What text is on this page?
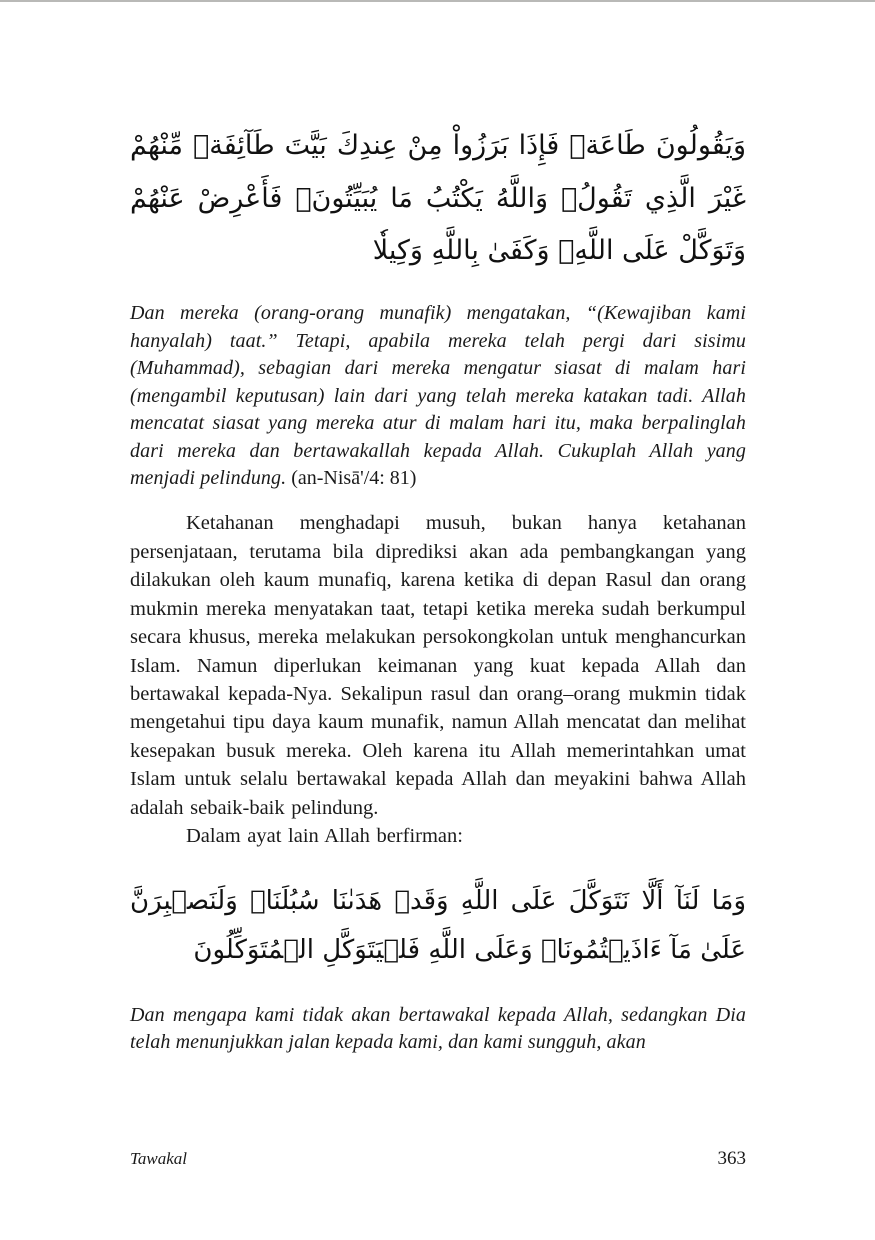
وَيَقُولُونَ طَاعَةٞ فَإِذَا بَرَزُواْ مِنْ عِندِكَ بَيَّتَ طَآئِفَةٞ مِّنْهُمْ غَيْرَ الَّذِي تَقُولُۖ وَاللَّهُ يَكْتُبُ مَا يُبَيِّتُونَۖ فَأَعْرِضْ عَنْهُمْ وَتَوَكَّلْ عَلَى اللَّهِۚ وَكَفَىٰ بِاللَّهِ وَكِيلٗا

Dan mereka (orang-orang munafik) mengatakan, “(Kewajiban kami hanyalah) taat.” Tetapi, apabila mereka telah pergi dari sisimu (Muhammad), sebagian dari mereka mengatur siasat di malam hari (mengambil keputusan) lain dari yang telah mereka katakan tadi. Allah mencatat siasat yang mereka atur di malam hari itu, maka berpalinglah dari mereka dan bertawakallah kepada Allah. Cukuplah Allah yang menjadi pelindung. (an-Nisā'/4: 81)

Ketahanan menghadapi musuh, bukan hanya ketahanan persenjataan, terutama bila diprediksi akan ada pembangkangan yang dilakukan oleh kaum munafiq, karena ketika di depan Rasul dan orang mukmin mereka menyatakan taat, tetapi ketika mereka sudah berkumpul secara khusus, mereka melakukan persokongkolan untuk menghancurkan Islam. Namun diperlukan keimanan yang kuat kepada Allah dan bertawakal kepada-Nya. Sekalipun rasul dan orang–orang mukmin tidak mengetahui tipu daya kaum munafik, namun Allah mencatat dan melihat kesepakan busuk mereka. Oleh karena itu Allah memerintahkan umat Islam untuk selalu bertawakal kepada Allah dan meyakini bahwa Allah adalah sebaik-baik pelindung.

Dalam ayat lain Allah berfirman:

وَمَا لَنَآ أَلَّا نَتَوَكَّلَ عَلَى اللَّهِ وَقَدۡ هَدَىٰنَا سُبُلَنَاۚ وَلَنَصۡبِرَنَّ عَلَىٰ مَآ ءَاذَيۡتُمُونَاۚ وَعَلَى اللَّهِ فَلۡيَتَوَكَّلِ الۡمُتَوَكِّلُونَ

Dan mengapa kami tidak akan bertawakal kepada Allah, sedangkan Dia telah menunjukkan jalan kepada kami, dan kami sungguh, akan

Tawakal	363
